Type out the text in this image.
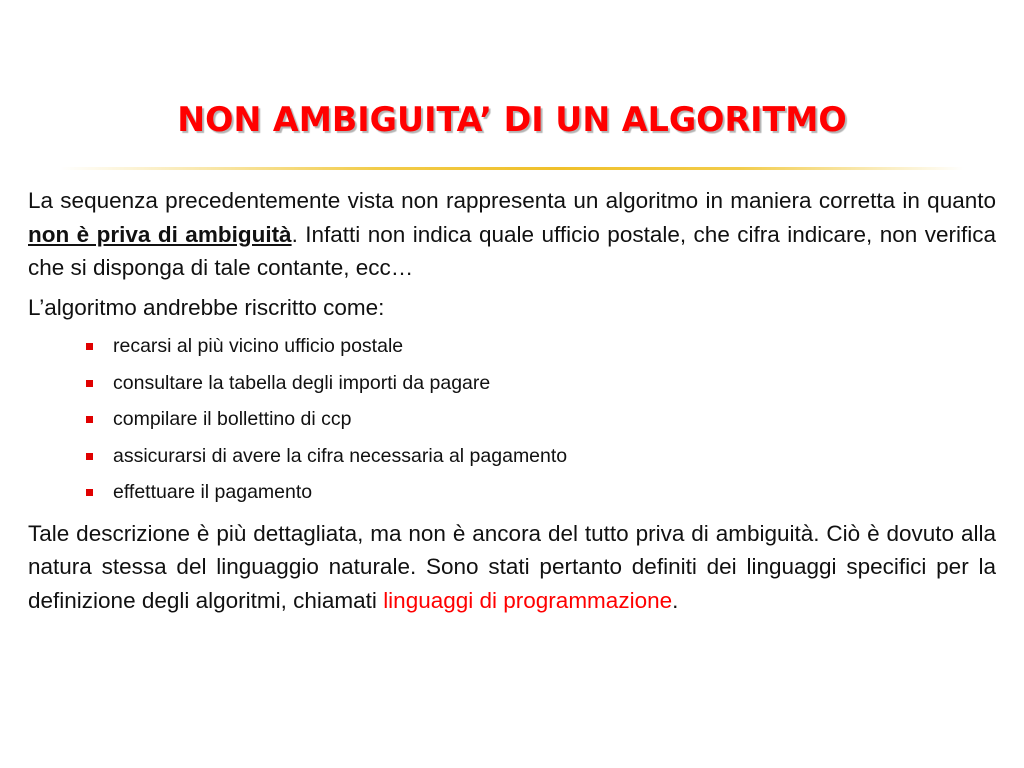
NON AMBIGUITA’ DI UN ALGORITMO

La sequenza precedentemente vista non rappresenta un algoritmo in maniera corretta in quanto non è priva di ambiguità. Infatti non indica quale ufficio postale, che cifra indicare, non verifica che si disponga di tale contante, ecc…

L’algoritmo andrebbe riscritto come:

recarsi al più vicino ufficio postale
consultare la tabella degli importi da pagare
compilare il bollettino di ccp
assicurarsi di avere la cifra necessaria al pagamento
effettuare il pagamento

Tale descrizione è più dettagliata, ma non è ancora del tutto priva di ambiguità. Ciò è dovuto alla natura stessa del linguaggio naturale. Sono stati pertanto definiti dei linguaggi specifici per la definizione degli algoritmi, chiamati linguaggi di programmazione.
